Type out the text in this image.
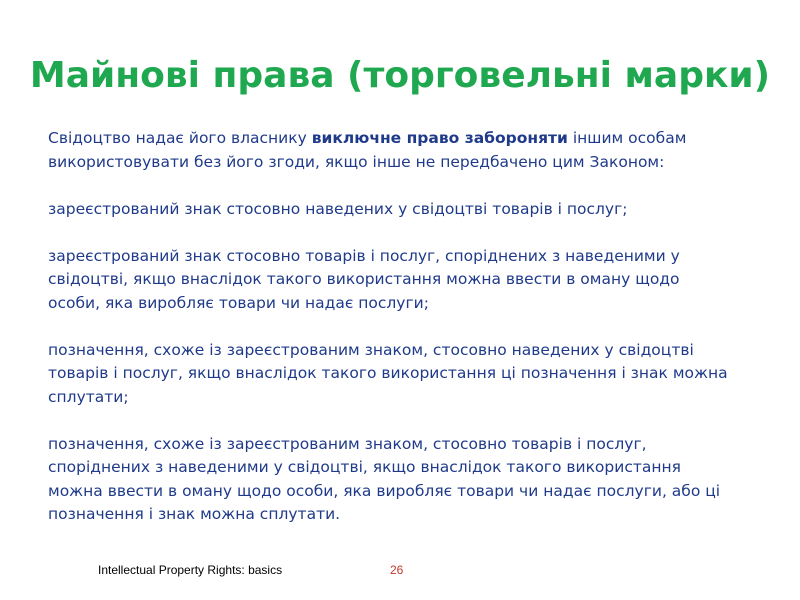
Майнові права (торговельні марки)

Свідоцтво надає його власнику виключне право забороняти іншим особам використовувати без його згоди, якщо інше не передбачено цим Законом:

зареєстрований знак стосовно наведених у свідоцтві товарів і послуг;

зареєстрований знак стосовно товарів і послуг, споріднених з наведеними у свідоцтві, якщо внаслідок такого використання можна ввести в оману щодо особи, яка виробляє товари чи надає послуги;

позначення, схоже із зареєстрованим знаком, стосовно наведених у свідоцтві товарів і послуг, якщо внаслідок такого використання ці позначення і знак можна сплутати;

позначення, схоже із зареєстрованим знаком, стосовно товарів і послуг, споріднених з наведеними у свідоцтві, якщо внаслідок такого використання можна ввести в оману щодо особи, яка виробляє товари чи надає послуги, або ці позначення і знак можна сплутати.

Intellectual Property Rights: basics	26
